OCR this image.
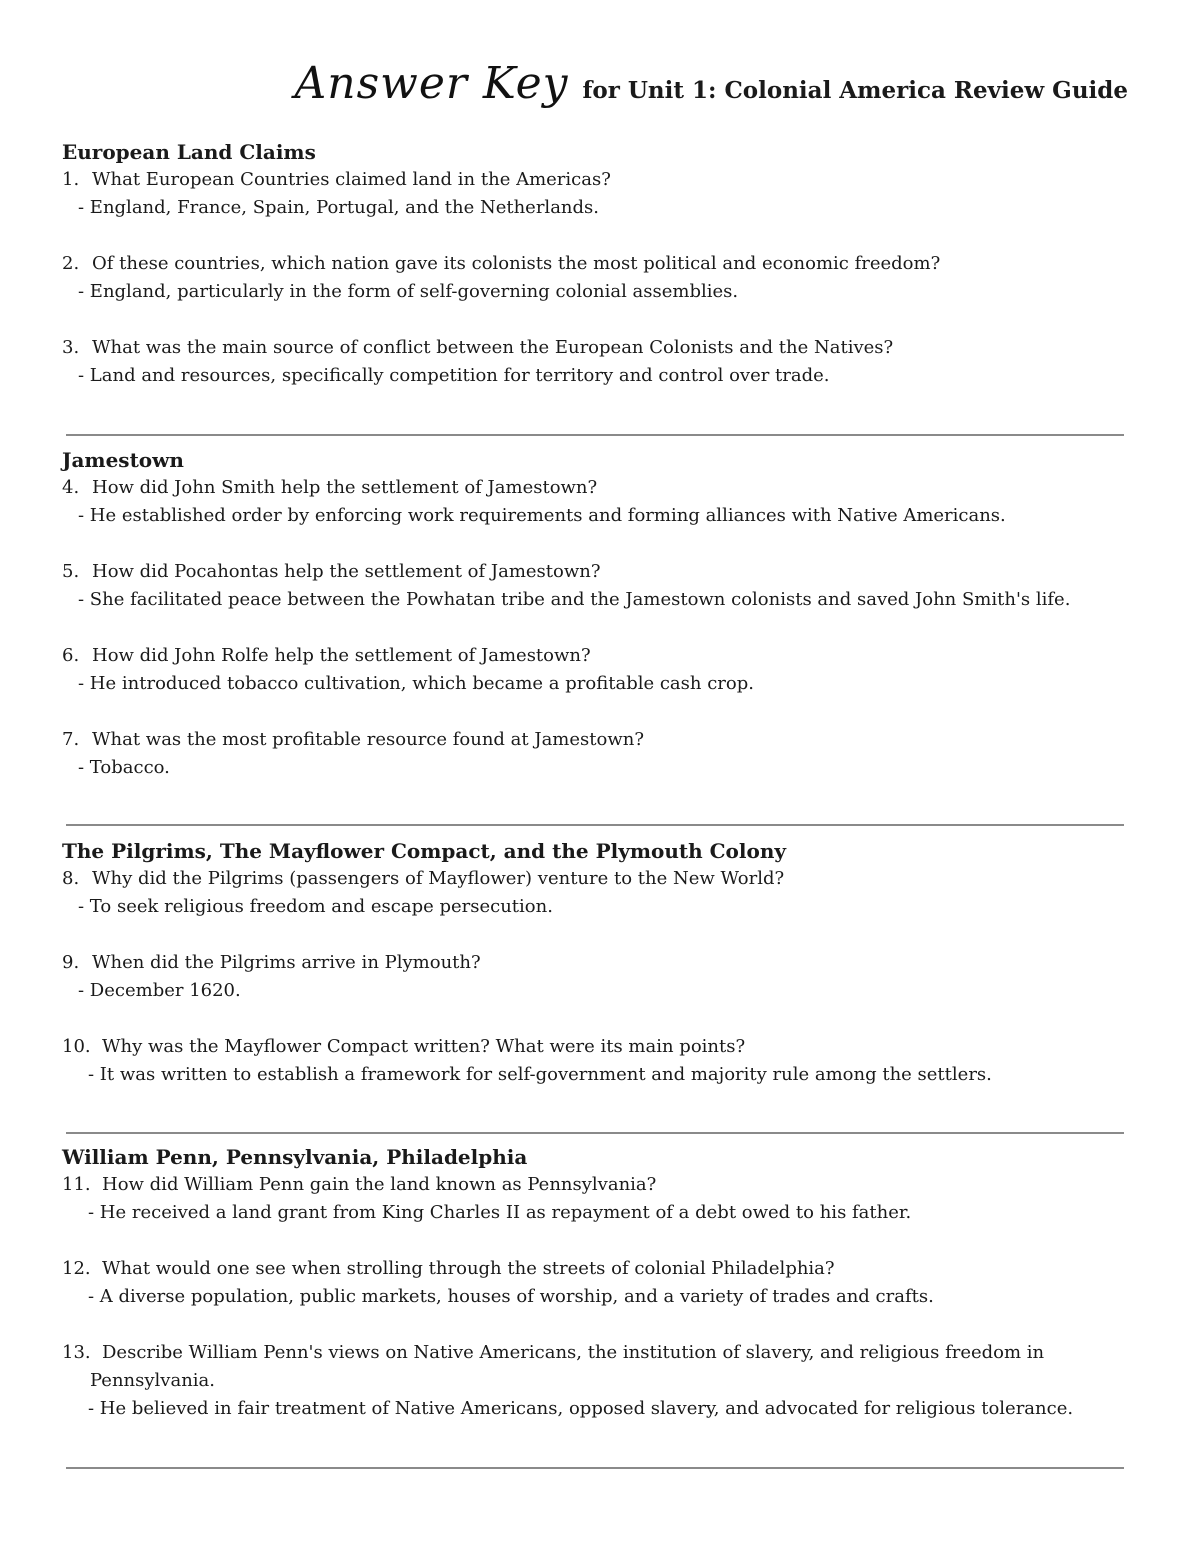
Answer Key for Unit 1: Colonial America Review Guide

European Land Claims

1. What European Countries claimed land in the Americas?

- England, France, Spain, Portugal, and the Netherlands.

2. Of these countries, which nation gave its colonists the most political and economic freedom?

- England, particularly in the form of self-governing colonial assemblies.

3. What was the main source of conflict between the European Colonists and the Natives?

- Land and resources, specifically competition for territory and control over trade.

Jamestown

4. How did John Smith help the settlement of Jamestown?

- He established order by enforcing work requirements and forming alliances with Native Americans.

5. How did Pocahontas help the settlement of Jamestown?

- She facilitated peace between the Powhatan tribe and the Jamestown colonists and saved John Smith's life.

6. How did John Rolfe help the settlement of Jamestown?

- He introduced tobacco cultivation, which became a profitable cash crop.

7. What was the most profitable resource found at Jamestown?

- Tobacco.

The Pilgrims, The Mayflower Compact, and the Plymouth Colony

8. Why did the Pilgrims (passengers of Mayflower) venture to the New World?

- To seek religious freedom and escape persecution.

9. When did the Pilgrims arrive in Plymouth?

- December 1620.

10. Why was the Mayflower Compact written? What were its main points?

- It was written to establish a framework for self-government and majority rule among the settlers.

William Penn, Pennsylvania, Philadelphia

11. How did William Penn gain the land known as Pennsylvania?

- He received a land grant from King Charles II as repayment of a debt owed to his father.

12. What would one see when strolling through the streets of colonial Philadelphia?

- A diverse population, public markets, houses of worship, and a variety of trades and crafts.

13. Describe William Penn's views on Native Americans, the institution of slavery, and religious freedom in
Pennsylvania.

- He believed in fair treatment of Native Americans, opposed slavery, and advocated for religious tolerance.
